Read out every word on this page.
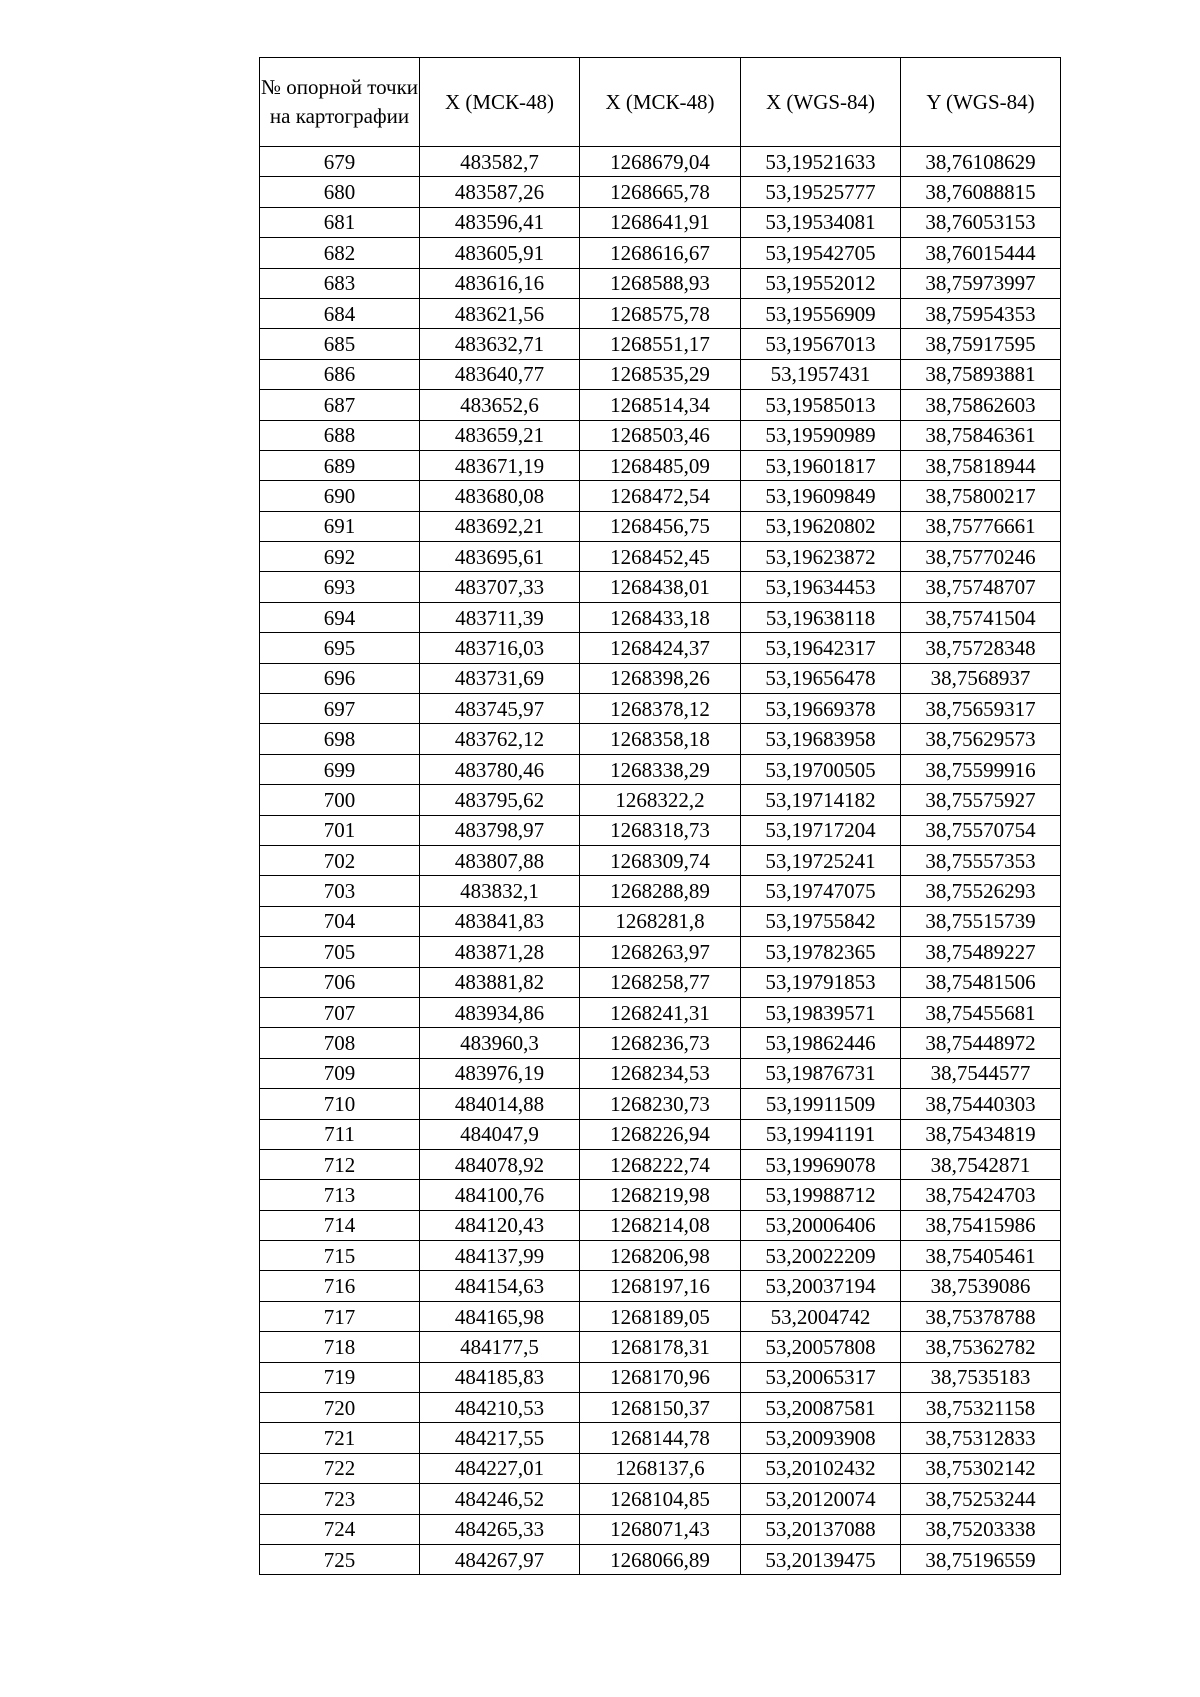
№ опорной точки на картографии	X (МСК-48)	X (МСК-48)	X (WGS-84)	Y (WGS-84)
679	483582,7	1268679,04	53,19521633	38,76108629
680	483587,26	1268665,78	53,19525777	38,76088815
681	483596,41	1268641,91	53,19534081	38,76053153
682	483605,91	1268616,67	53,19542705	38,76015444
683	483616,16	1268588,93	53,19552012	38,75973997
684	483621,56	1268575,78	53,19556909	38,75954353
685	483632,71	1268551,17	53,19567013	38,75917595
686	483640,77	1268535,29	53,1957431	38,75893881
687	483652,6	1268514,34	53,19585013	38,75862603
688	483659,21	1268503,46	53,19590989	38,75846361
689	483671,19	1268485,09	53,19601817	38,75818944
690	483680,08	1268472,54	53,19609849	38,75800217
691	483692,21	1268456,75	53,19620802	38,75776661
692	483695,61	1268452,45	53,19623872	38,75770246
693	483707,33	1268438,01	53,19634453	38,75748707
694	483711,39	1268433,18	53,19638118	38,75741504
695	483716,03	1268424,37	53,19642317	38,75728348
696	483731,69	1268398,26	53,19656478	38,7568937
697	483745,97	1268378,12	53,19669378	38,75659317
698	483762,12	1268358,18	53,19683958	38,75629573
699	483780,46	1268338,29	53,19700505	38,75599916
700	483795,62	1268322,2	53,19714182	38,75575927
701	483798,97	1268318,73	53,19717204	38,75570754
702	483807,88	1268309,74	53,19725241	38,75557353
703	483832,1	1268288,89	53,19747075	38,75526293
704	483841,83	1268281,8	53,19755842	38,75515739
705	483871,28	1268263,97	53,19782365	38,75489227
706	483881,82	1268258,77	53,19791853	38,75481506
707	483934,86	1268241,31	53,19839571	38,75455681
708	483960,3	1268236,73	53,19862446	38,75448972
709	483976,19	1268234,53	53,19876731	38,7544577
710	484014,88	1268230,73	53,19911509	38,75440303
711	484047,9	1268226,94	53,19941191	38,75434819
712	484078,92	1268222,74	53,19969078	38,7542871
713	484100,76	1268219,98	53,19988712	38,75424703
714	484120,43	1268214,08	53,20006406	38,75415986
715	484137,99	1268206,98	53,20022209	38,75405461
716	484154,63	1268197,16	53,20037194	38,7539086
717	484165,98	1268189,05	53,2004742	38,75378788
718	484177,5	1268178,31	53,20057808	38,75362782
719	484185,83	1268170,96	53,20065317	38,7535183
720	484210,53	1268150,37	53,20087581	38,75321158
721	484217,55	1268144,78	53,20093908	38,75312833
722	484227,01	1268137,6	53,20102432	38,75302142
723	484246,52	1268104,85	53,20120074	38,75253244
724	484265,33	1268071,43	53,20137088	38,75203338
725	484267,97	1268066,89	53,20139475	38,75196559
